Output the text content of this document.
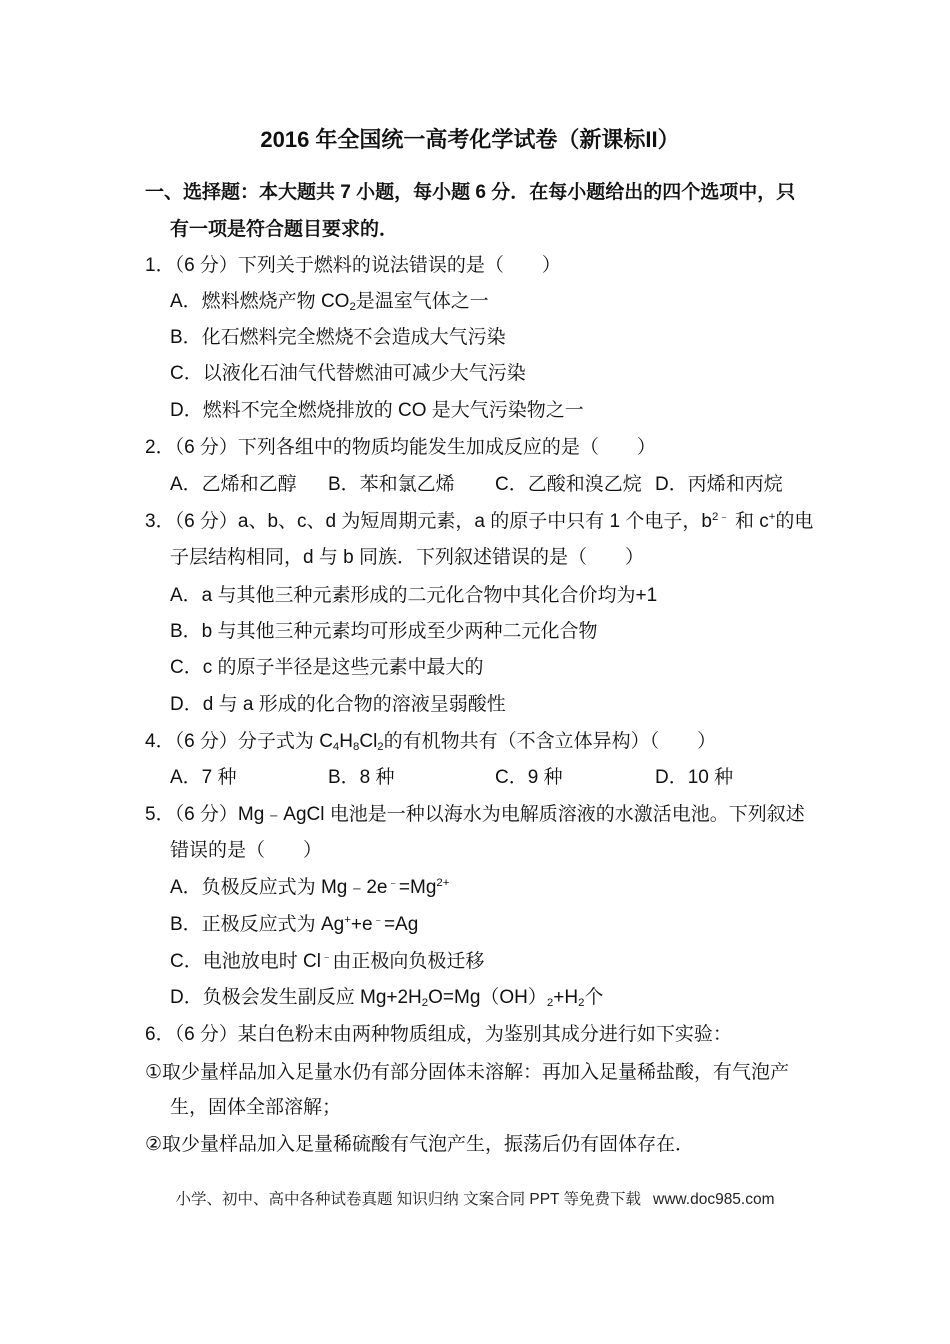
2016 年全国统一高考化学试卷（新课标II）
一、选择题：本大题共 7 小题，每小题 6 分．在每小题给出的四个选项中，只
有一项是符合题目要求的．
1．（6 分）下列关于燃料的说法错误的是（　　）
A．燃料燃烧产物 $CO_2$是温室气体之一
B．化石燃料完全燃烧不会造成大气污染
C．以液化石油气代替燃油可减少大气污染
D．燃料不完全燃烧排放的 CO 是大气污染物之一
2．（6 分）下列各组中的物质均能发生加成反应的是（　　）
A．乙烯和乙醇 B．苯和氯乙烯 C．乙酸和溴乙烷 D．丙烯和丙烷
3．（6 分）a、b、c、d 为短周期元素，a 的原子中只有 1 个电子，$b^{2﹣}$ 和 c+的电
子层结构相同，d 与 b 同族．下列叙述错误的是（　　）
A．a 与其他三种元素形成的二元化合物中其化合价均为+1
B．b 与其他三种元素均可形成至少两种二元化合物
C．c 的原子半径是这些元素中最大的
D．d 与 a 形成的化合物的溶液呈弱酸性
4．（6 分）分子式为 $C_4H_8Cl_2$的有机物共有（不含立体异构）（　　）
A．7 种	B．8 种	C．9 种	D．10 种
5．（6 分）Mg﹣AgCl 电池是一种以海水为电解质溶液的水激活电池。下列叙述
错误的是（　　）
A．负极反应式为 $Mg﹣2e^﹣=Mg^{2+}$
B．正极反应式为 Ag++e﹣=Ag
C．电池放电时 Cl﹣由正极向负极迁移
D．负极会发生副反应 $Mg+2H_2O=Mg(OH)_2+H_2$个
6．（6 分）某白色粉末由两种物质组成，为鉴别其成分进行如下实验：
①取少量样品加入足量水仍有部分固体未溶解：再加入足量稀盐酸，有气泡产
生，固体全部溶解；
②取少量样品加入足量稀硫酸有气泡产生，振荡后仍有固体存在．
小学、初中、高中各种试卷真题 知识归纳 文案合同 PPT 等免费下载 www.doc985.com
